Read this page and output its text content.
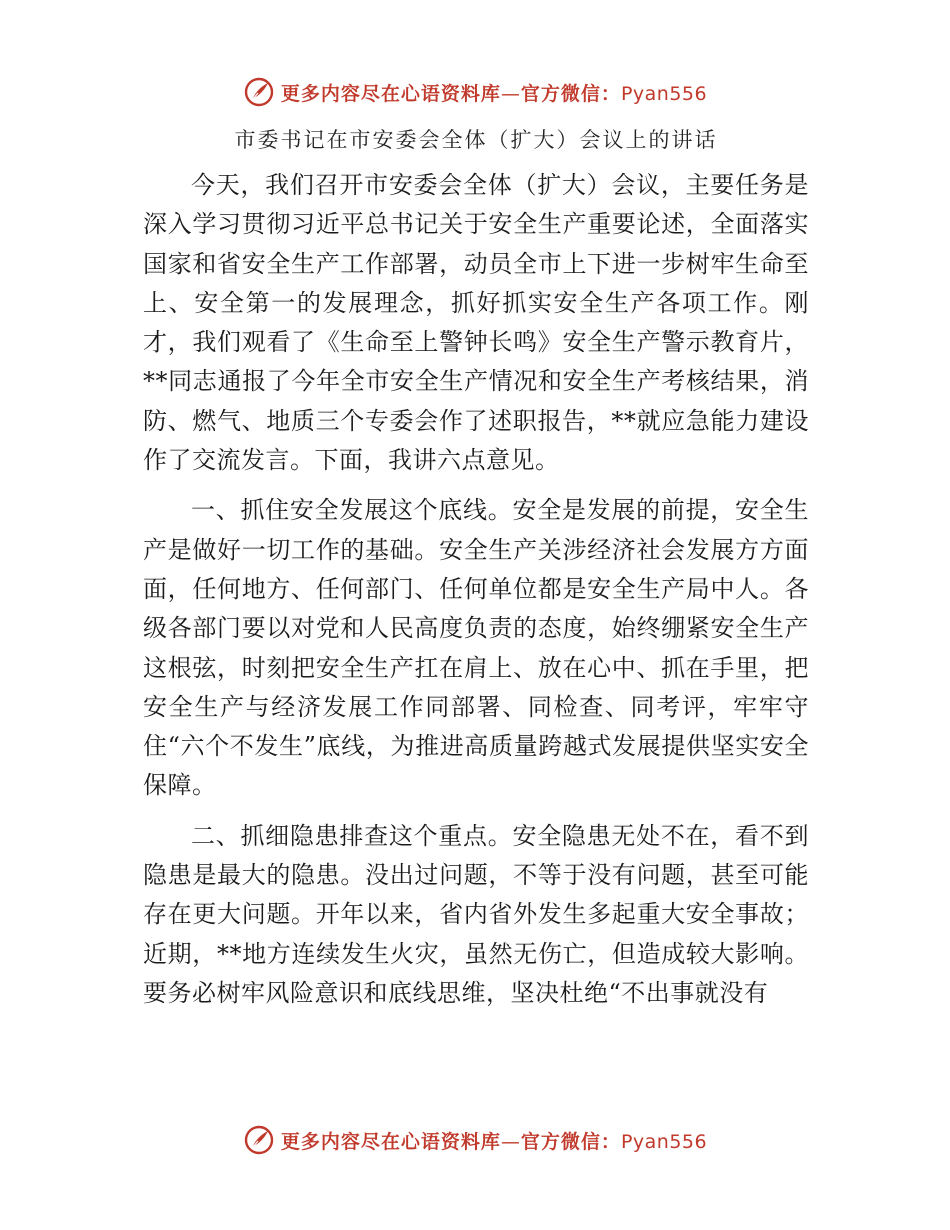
更多内容尽在心语资料库—官方微信：Pyan556
市委书记在市安委会全体（扩大）会议上的讲话

今天，我们召开市安委会全体（扩大）会议，主要任务是深入学习贯彻习近平总书记关于安全生产重要论述，全面落实国家和省安全生产工作部署，动员全市上下进一步树牢生命至上、安全第一的发展理念，抓好抓实安全生产各项工作。刚才，我们观看了《生命至上警钟长鸣》安全生产警示教育片，**同志通报了今年全市安全生产情况和安全生产考核结果，消防、燃气、地质三个专委会作了述职报告，**就应急能力建设作了交流发言。下面，我讲六点意见。

一、抓住安全发展这个底线。安全是发展的前提，安全生产是做好一切工作的基础。安全生产关涉经济社会发展方方面面，任何地方、任何部门、任何单位都是安全生产局中人。各级各部门要以对党和人民高度负责的态度，始终绷紧安全生产这根弦，时刻把安全生产扛在肩上、放在心中、抓在手里，把安全生产与经济发展工作同部署、同检查、同考评，牢牢守住“六个不发生”底线，为推进高质量跨越式发展提供坚实安全保障。

二、抓细隐患排查这个重点。安全隐患无处不在，看不到隐患是最大的隐患。没出过问题，不等于没有问题，甚至可能存在更大问题。开年以来，省内省外发生多起重大安全事故；近期，**地方连续发生火灾，虽然无伤亡，但造成较大影响。要务必树牢风险意识和底线思维，坚决杜绝“不出事就没有

更多内容尽在心语资料库—官方微信：Pyan556
